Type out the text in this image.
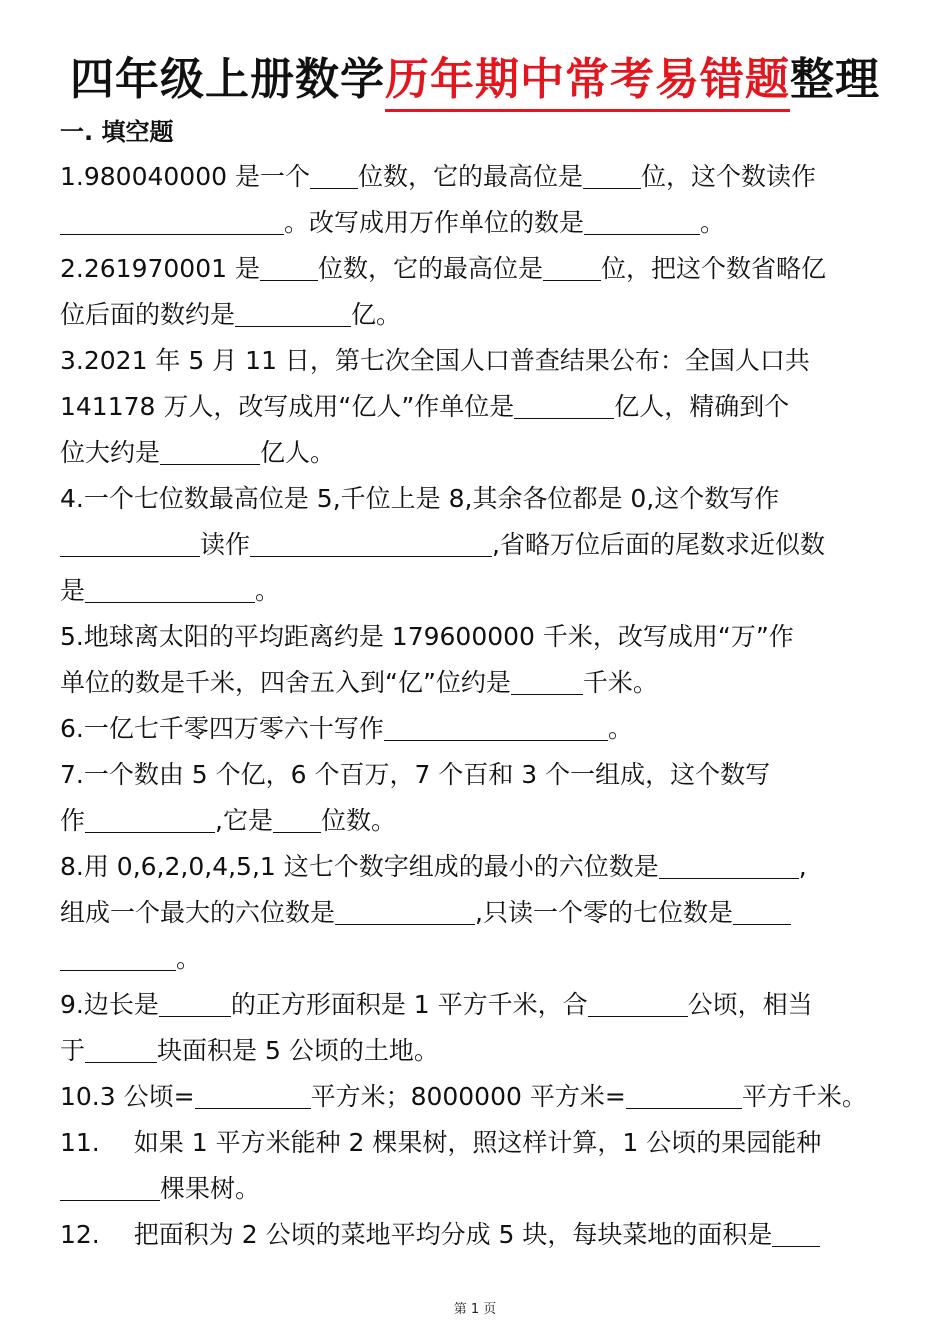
四年级上册数学历年期中常考易错题整理
一. 填空题
1.980040000 是一个 位数，它的最高位是 位，这个数读作
。改写成用万作单位的数是	。
2.261970001 是 位数，它的最高位是 位，把这个数省略亿
位后面的数约是	亿。
3.2021 年 5 月 11 日，第七次全国人口普查结果公布：全国人口共
141178 万人，改写成用“亿人”作单位是	亿人，精确到个
位大约是	亿人。
4.一个七位数最高位是 5,千位上是 8,其余各位都是 0,这个数写作
读作	,省略万位后面的尾数求近似数
是	。
5.地球离太阳的平均距离约是 179600000 千米，改写成用“万”作
单位的数是千米，四舍五入到“亿”位约是	千米。
6.一亿七千零四万零六十写作	。
7.一个数由 5 个亿，6 个百万，7 个百和 3 个一组成，这个数写
作	,它是 位数。
8.用 0,6,2,0,4,5,1 这七个数字组成的最小的六位数是	,
组成一个最大的六位数是	,只读一个零的七位数是
。
9.边长是	的正方形面积是 1 平方千米，合	公顷，相当
于	块面积是 5 公顷的土地。
10.3 公顷=	平方米；8000000 平方米=	平方千米。
11. 如果 1 平方米能种 2 棵果树，照这样计算，1 公顷的果园能种
棵果树。
12. 把面积为 2 公顷的菜地平均分成 5 块，每块菜地的面积是
第 1 页
